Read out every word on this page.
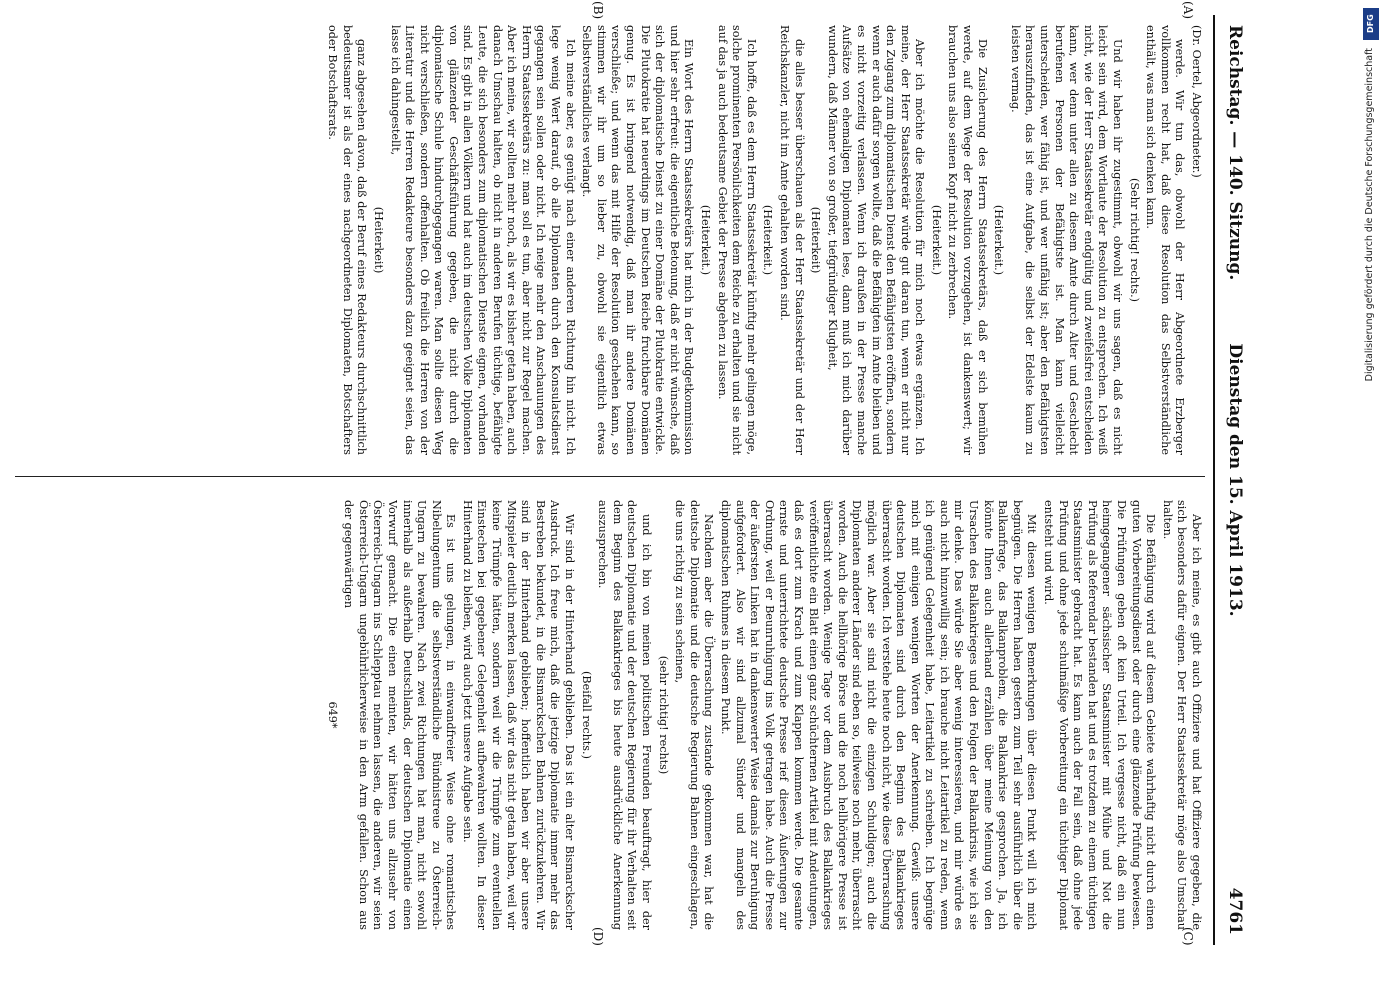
Reichstag. — 140. Sitzung.
Dienstag den 15. April 1913.
4761

(Dr. Oertel, Abgeordneter.)

werde. Wir tun das, obwohl der Herr Abgeordnete Erzberger vollkommen recht hat, daß diese Resolution das Selbstverständliche enthält, was man sich denken kann.

(Sehr richtig! rechts.)

Und wir haben ihr zugestimmt, obwohl wir uns sagen, daß es nicht leicht sein wird, dem Wortlaute der Resolution zu entsprechen. Ich weiß nicht, wie der Herr Staatssekretär endgültig und zweifelsfrei entscheiden kann, wer denn unter allen zu diesem Amte durch Alter und Geschlecht berufenen Personen der Befähigtste ist. Man kann vielleicht unterscheiden, wer fähig ist, und wer unfähig ist; aber den Befähigtsten herauszufinden, das ist eine Aufgabe, die selbst der Edelste kaum zu leisten vermag.

(Heiterkeit.)

Die Zusicherung des Herrn Staatssekretärs, daß er sich bemühen werde, auf dem Wege der Resolution vorzugehen, ist dankenswert; wir brauchen uns also seinen Kopf nicht zu zerbrechen.

(Heiterkeit.)

Aber ich möchte die Resolution für mich noch etwas ergänzen. Ich meine, der Herr Staatssekretär würde gut daran tun, wenn er nicht nur den Zugang zum diplomatischen Dienst den Befähigtsten eröffnen, sondern wenn er auch dafür sorgen wollte, daß die Befähigten im Amte bleiben und es nicht vorzeitig verlassen. Wenn ich draußen in der Presse manche Aufsätze von ehemaligen Diplomaten lese, dann muß ich mich darüber wundern, daß Männer von so großer, tiefgründiger Klugheit,

(Heiterkeit)

die alles besser überschauen als der Herr Staatssekretär und der Herr Reichskanzler, nicht im Amte gehalten worden sind.

(Heiterkeit.)

Ich hoffe, daß es dem Herrn Staatssekretär künftig mehr gelingen möge, solche prominenten Persönlichkeiten dem Reiche zu erhalten und sie nicht auf das ja auch bedeutsame Gebiet der Presse abgehen zu lassen.

(Heiterkeit.)

Ein Wort des Herrn Staatssekretärs hat mich in der Budgetkommission und hier sehr erfreut: die eigentliche Betonung, daß er nicht wünsche, daß sich der diplomatische Dienst zu einer Domäne der Plutokratie entwickle. Die Plutokratie hat neuerdings im Deutschen Reiche fruchtbare Domänen genug. Es ist bringend notwendig, daß man ihr andere Domänen verschließe; und wenn das mit Hilfe der Resolution geschehen kann, so stimmen wir ihr um so lieber zu, obwohl sie eigentlich etwas Selbstverständliches verlangt.

Ich meine aber, es genügt nach einer anderen Richtung hin nicht. Ich lege wenig Wert darauf, ob alle Diplomaten durch den Konsulatsdienst gegangen sein sollen oder nicht. Ich neige mehr den Anschauungen des Herrn Staatssekretärs zu: man soll es tun, aber nicht zur Regel machen. Aber ich meine, wir sollten mehr noch, als wir es bisher getan haben, auch danach Umschau halten, ob nicht in anderen Berufen tüchtige, befähigte Leute, die sich besonders zum diplomatischen Dienste eignen, vorhanden sind. Es gibt in allen Völkern und hat auch im deutschen Volke Diplomaten von glänzender Geschäftsführung gegeben, die nicht durch die diplomatische Schule hindurchgegangen waren. Man sollte diesen Weg nicht verschließen, sondern offenhalten. Ob freilich die Herren von der Literatur und die Herren Redakteure besonders dazu geeignet seien, das lasse ich dahingestellt,

(Heiterkeit)

ganz abgesehen davon, daß der Beruf eines Redakteurs durchschnittlich bedeutsamer ist als der eines nachgeordneten Diplomaten, Botschafters oder Botschaftsrats.

Aber ich meine, es gibt auch Offiziere und hat Offiziere gegeben, die sich besonders dafür eignen. Der Herr Staatssekretär möge also Umschau halten.

Die Befähigung wird auf diesem Gebiete wahrhaftig nicht durch einen guten Vorbereitungsdienst oder durch eine glänzende Prüfung bewiesen. Die Prüfungen geben oft kein Urteil. Ich vergesse nicht, daß ein nun heimgegangener sächsischer Staatsminister mit Mühe und Not die Prüfung als Referendar bestanden hat und es trotzdem zu einem tüchtigen Staatsminister gebracht hat. Es kann auch der Fall sein, daß ohne jede Prüfung und ohne jede schulmäßige Vorbereitung ein tüchtiger Diplomat entsteht und wird.

Mit diesen wenigen Bemerkungen über diesen Punkt will ich mich begnügen. Die Herren haben gestern zum Teil sehr ausführlich über die Balkanfrage, das Balkanproblem, die Balkankrise gesprochen. Ja, ich könnte Ihnen auch allerhand erzählen über meine Meinung von den Ursachen des Balkankrieges und den Folgen der Balkankrisis, wie ich sie mir denke. Das würde Sie aber wenig interessieren, und mir würde es auch nicht hinzuwillig sein; ich brauche nicht Leitartikel zu reden, wenn ich genügend Gelegenheit habe, Leitartikel zu schreiben. Ich begnüge mich mit einigen wenigen Worten der Anerkennung. Gewiß: unsere deutschen Diplomaten sind durch den Beginn des Balkankrieges überrascht worden. Ich verstehe heute noch nicht, wie diese Überraschung möglich war. Aber sie sind nicht die einzigen Schuldigen; auch die Diplomaten anderer Länder sind eben so, teilweise noch mehr, überrascht worden. Auch die hellhörige Börse und die noch hellhörigere Presse ist überrascht worden. Wenige Tage vor dem Ausbruch des Balkankrieges veröffentlichte ein Blatt einen ganz schüchternen Artikel mit Andeutungen, daß es dort zum Krach und zum Klappen kommen werde. Die gesamte ernste und unterrichtete deutsche Presse rief diesen Äußerungen zur Ordnung, weil er Beunruhigung ins Volk getragen habe. Auch die Presse der äußersten Linken hat in dankenswerter Weise damals zur Beruhigung aufgefordert. Also wir sind allzumal Sünder und mangeln des diplomatischen Ruhmes in diesem Punkt.

Nachdem aber die Überraschung zustande gekommen war, hat die deutsche Diplomatie und die deutsche Regierung Bahnen eingeschlagen, die uns richtig zu sein scheinen,

(sehr richtig! rechts)

und ich bin von meinen politischen Freunden beauftragt, hier der deutschen Diplomatie und der deutschen Regierung für ihr Verhalten seit dem Beginn des Balkankrieges bis heute ausdrückliche Anerkennung auszusprechen.

(Beifall rechts.)

Wir sind in der Hinterhand geblieben. Das ist ein alter Bismarckscher Ausdruck. Ich freue mich, daß die jetzige Diplomatie immer mehr das Bestreben bekundet, in die Bismarckschen Bahnen zurückzukehren. Wir sind in der Hinterhand geblieben; hoffentlich haben wir aber unsere Mitspieler deutlich merken lassen, daß wir das nicht getan haben, weil wir keine Trümpfe hätten, sondern weil wir die Trümpfe zum eventuellen Einstechen bei gegebener Gelegenheit aufbewahren wollten. In dieser Hinterhand zu bleiben, wird auch jetzt unsere Aufgabe sein.

Es ist uns gelungen, in einwandfreier Weise ohne romantisches Nibelungentum die selbstverständliche Bündnistreue zu Österreich-Ungarn zu bewahren. Nach zwei Richtungen hat man, nicht sowohl innerhalb als außerhalb Deutschlands, der deutschen Diplomatie einen Vorwurf gemacht. Die einen meinten, wir hätten uns allzusehr von Österreich-Ungarn ins Schlepptau nehmen lassen, die anderen, wir seien Österreich-Ungarn ungebührlicherweise in den Arm gefallen. Schon aus der gegenwärtigen

649*

(A)
(B)
(C)
(D)
DFG
Digitalisierung gefördert durch die Deutsche Forschungsgemeinschaft
